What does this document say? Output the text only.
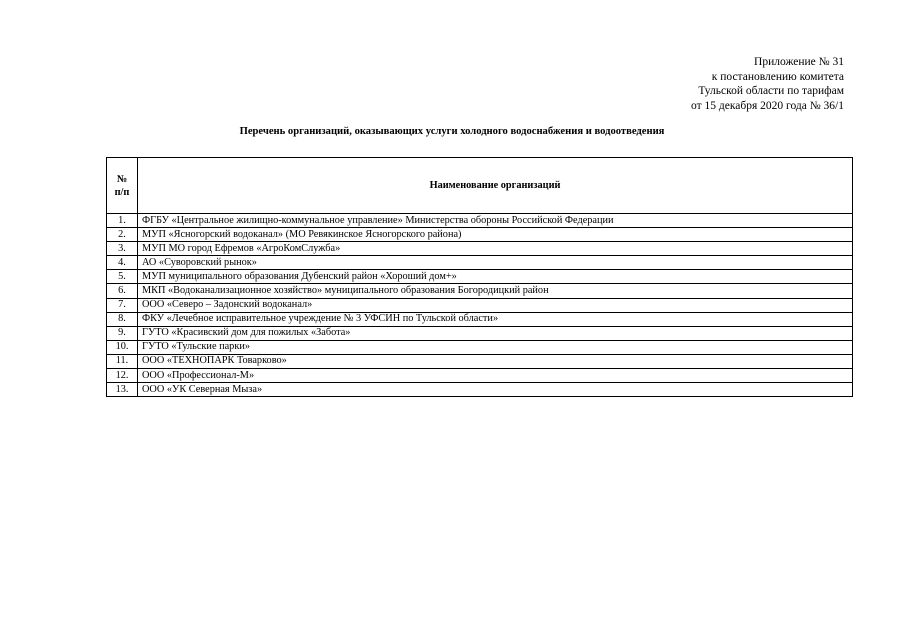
Приложение № 31
к постановлению комитета
Тульской области по тарифам
от 15 декабря 2020 года № 36/1
Перечень организаций, оказывающих услуги холодного водоснабжения и водоотведения
№
п/п	Наименование организаций
1.	ФГБУ «Центральное жилищно-коммунальное управление» Министерства обороны Российской Федерации
2.	МУП «Ясногорский водоканал» (МО Ревякинское Ясногорского района)
3.	МУП МО город Ефремов «АгроКомСлужба»
4.	АО «Суворовский рынок»
5.	МУП муниципального образования Дубенский район «Хороший дом+»
6.	МКП «Водоканализационное хозяйство» муниципального образования Богородицкий район
7.	ООО «Северо – Задонский водоканал»
8.	ФКУ «Лечебное исправительное учреждение № 3 УФСИН по Тульской области»
9.	ГУТО «Красивский дом для пожилых «Забота»
10.	ГУТО «Тульские парки»
11.	ООО «ТЕХНОПАРК Товарково»
12.	ООО «Профессионал-М»
13.	ООО «УК Северная Мыза»
